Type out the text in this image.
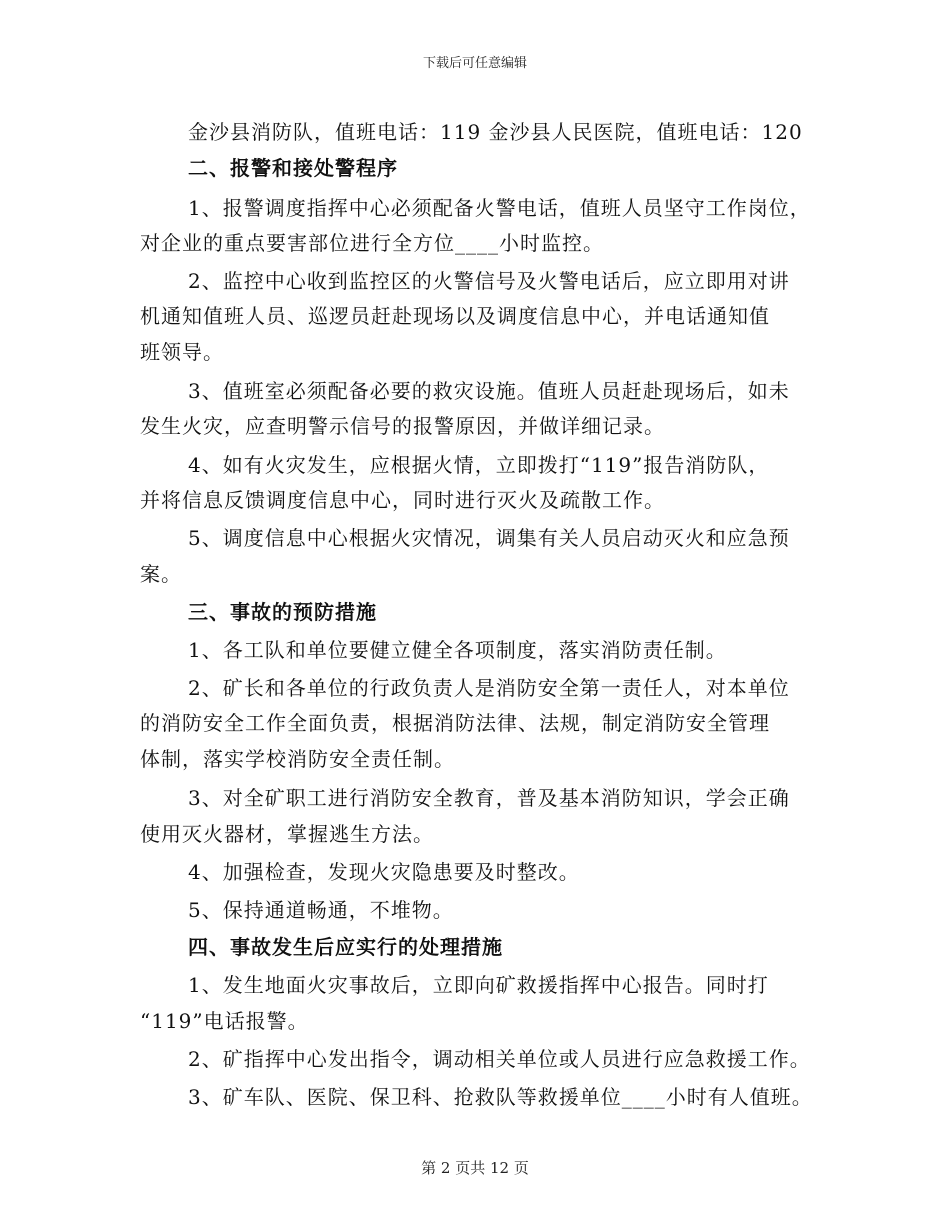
下载后可任意编辑
金沙县消防队，值班电话：119 金沙县人民医院，值班电话：120
二、报警和接处警程序
1、报警调度指挥中心必须配备火警电话，值班人员坚守工作岗位，
对企业的重点要害部位进行全方位____小时监控。
2、监控中心收到监控区的火警信号及火警电话后，应立即用对讲
机通知值班人员、巡逻员赶赴现场以及调度信息中心，并电话通知值
班领导。
3、值班室必须配备必要的救灾设施。值班人员赶赴现场后，如未
发生火灾，应查明警示信号的报警原因，并做详细记录。
4、如有火灾发生，应根据火情，立即拨打“119”报告消防队，
并将信息反馈调度信息中心，同时进行灭火及疏散工作。
5、调度信息中心根据火灾情况，调集有关人员启动灭火和应急预
案。
三、事故的预防措施
1、各工队和单位要健立健全各项制度，落实消防责任制。
2、矿长和各单位的行政负责人是消防安全第一责任人，对本单位
的消防安全工作全面负责，根据消防法律、法规，制定消防安全管理
体制，落实学校消防安全责任制。
3、对全矿职工进行消防安全教育，普及基本消防知识，学会正确
使用灭火器材，掌握逃生方法。
4、加强检查，发现火灾隐患要及时整改。
5、保持通道畅通，不堆物。
四、事故发生后应实行的处理措施
1、发生地面火灾事故后，立即向矿救援指挥中心报告。同时打
“119”电话报警。
2、矿指挥中心发出指令，调动相关单位或人员进行应急救援工作。
3、矿车队、医院、保卫科、抢救队等救援单位____小时有人值班。
第 2 页共 12 页
